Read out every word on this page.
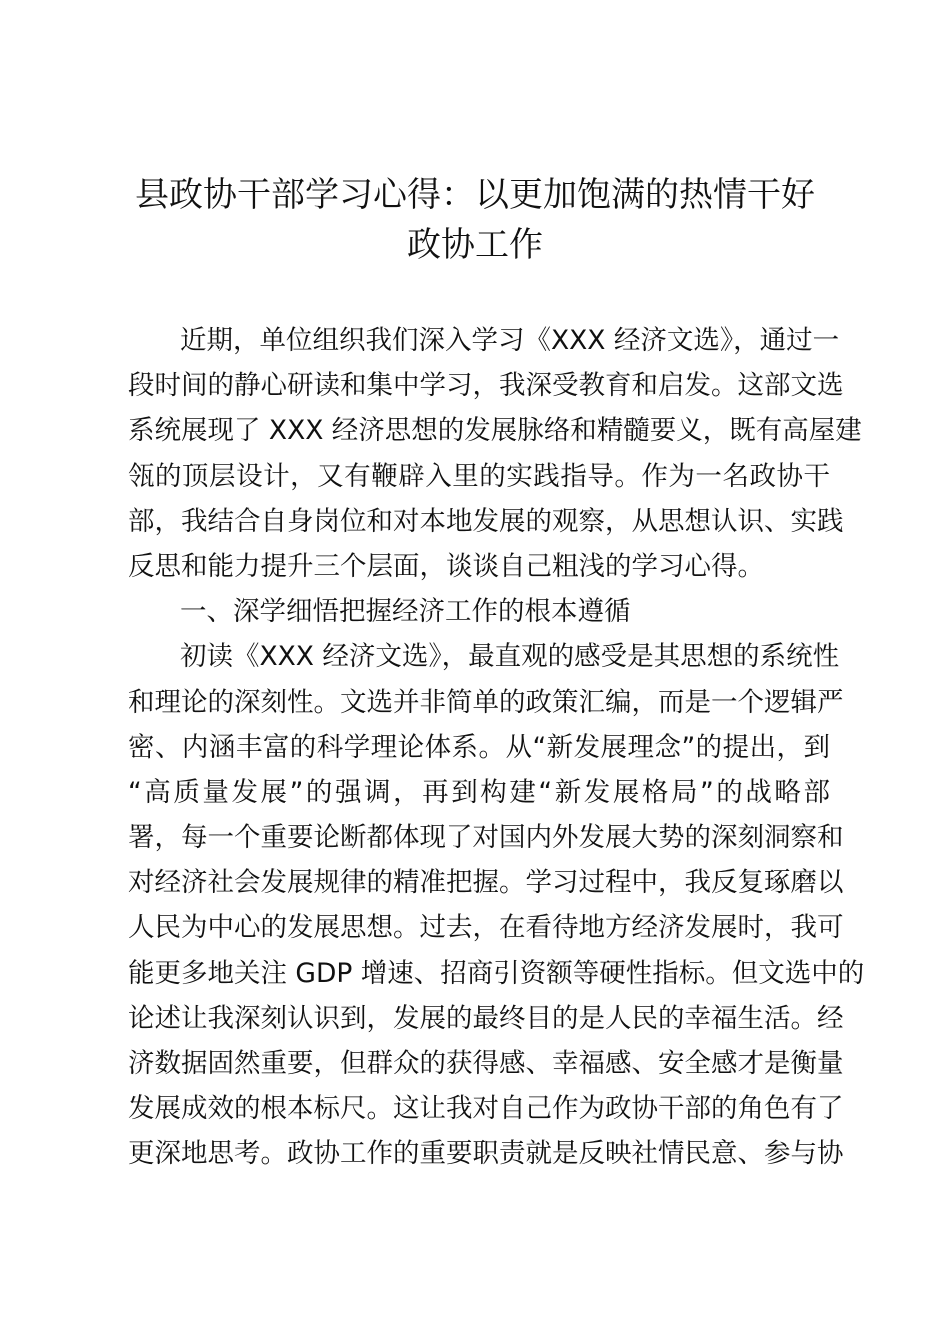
县政协干部学习心得：以更加饱满的热情干好
政协工作
近期，单位组织我们深入学习《XXX 经济文选》，通过一
段时间的静心研读和集中学习，我深受教育和启发。这部文选
系统展现了 XXX 经济思想的发展脉络和精髓要义，既有高屋建
瓴的顶层设计，又有鞭辟入里的实践指导。作为一名政协干
部，我结合自身岗位和对本地发展的观察，从思想认识、实践
反思和能力提升三个层面，谈谈自己粗浅的学习心得。
一、深学细悟把握经济工作的根本遵循
初读《XXX 经济文选》，最直观的感受是其思想的系统性
和理论的深刻性。文选并非简单的政策汇编，而是一个逻辑严
密、内涵丰富的科学理论体系。从“新发展理念”的提出，到
“高质量发展”的强调，再到构建“新发展格局”的战略部
署，每一个重要论断都体现了对国内外发展大势的深刻洞察和
对经济社会发展规律的精准把握。学习过程中，我反复琢磨以
人民为中心的发展思想。过去，在看待地方经济发展时，我可
能更多地关注 GDP 增速、招商引资额等硬性指标。但文选中的
论述让我深刻认识到，发展的最终目的是人民的幸福生活。经
济数据固然重要，但群众的获得感、幸福感、安全感才是衡量
发展成效的根本标尺。这让我对自己作为政协干部的角色有了
更深地思考。政协工作的重要职责就是反映社情民意、参与协
